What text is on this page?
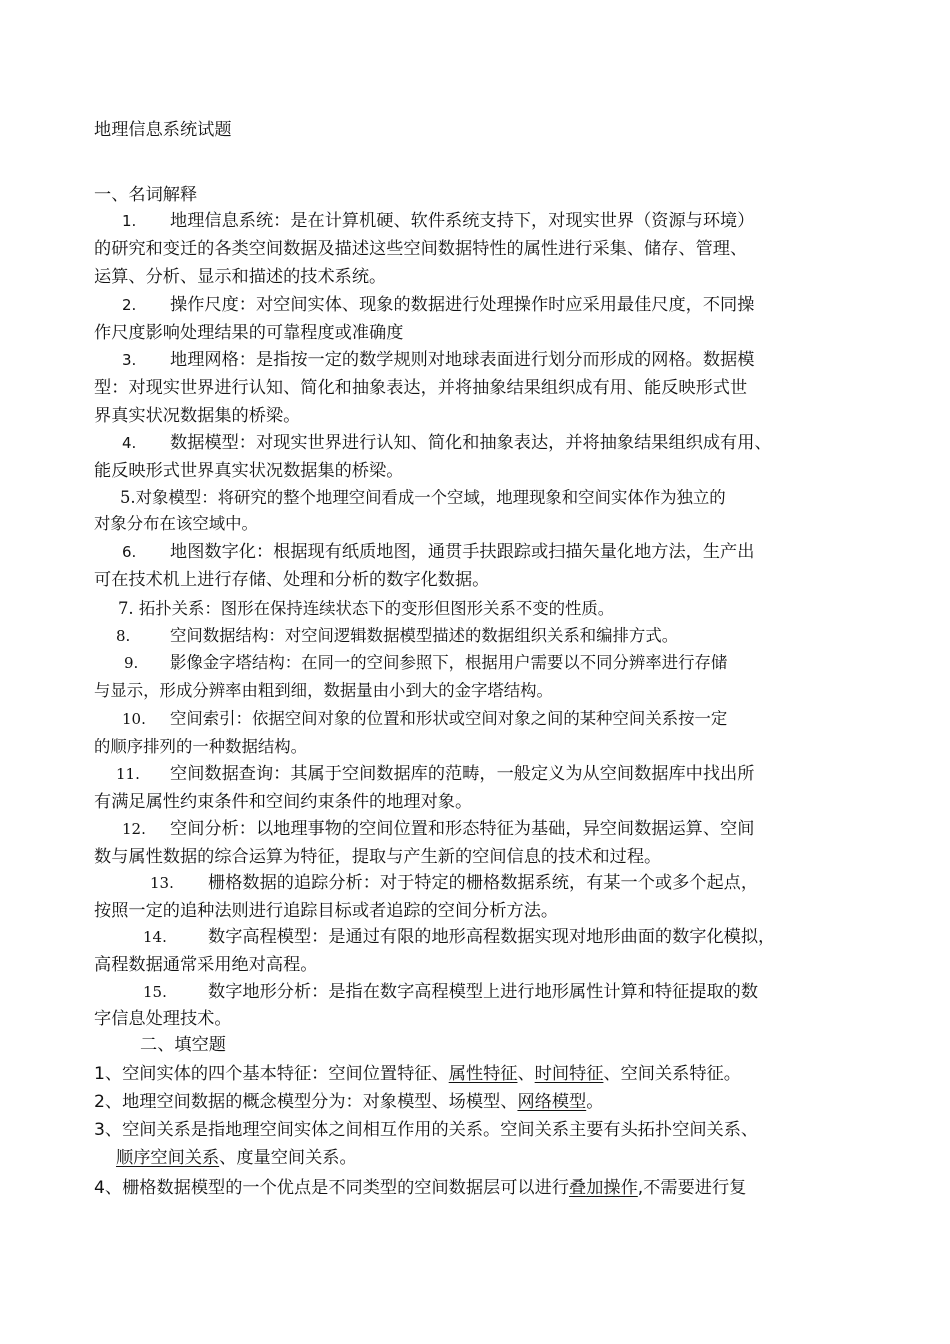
地理信息系统试题
一、名词解释
1. 地理信息系统：是在计算机硬、软件系统支持下，对现实世界（资源与环境）
的研究和变迁的各类空间数据及描述这些空间数据特性的属性进行采集、储存、管理、
运算、分析、显示和描述的技术系统。
2. 操作尺度：对空间实体、现象的数据进行处理操作时应采用最佳尺度，不同操
作尺度影响处理结果的可靠程度或准确度
3. 地理网格：是指按一定的数学规则对地球表面进行划分而形成的网格。数据模
型：对现实世界进行认知、简化和抽象表达，并将抽象结果组织成有用、能反映形式世
界真实状况数据集的桥梁。
4. 数据模型：对现实世界进行认知、简化和抽象表达，并将抽象结果组织成有用、
能反映形式世界真实状况数据集的桥梁。
5.对象模型：将研究的整个地理空间看成一个空域，地理现象和空间实体作为独立的
对象分布在该空域中。
6. 地图数字化：根据现有纸质地图，通贯手扶跟踪或扫描矢量化地方法，生产出
可在技术机上进行存储、处理和分析的数字化数据。
7. 拓扑关系：图形在保持连续状态下的变形但图形关系不变的性质。
8. 空间数据结构：对空间逻辑数据模型描述的数据组织关系和编排方式。
9. 影像金字塔结构：在同一的空间参照下，根据用户需要以不同分辨率进行存储
与显示，形成分辨率由粗到细，数据量由小到大的金字塔结构。
10. 空间索引：依据空间对象的位置和形状或空间对象之间的某种空间关系按一定
的顺序排列的一种数据结构。
11. 空间数据查询：其属于空间数据库的范畴，一般定义为从空间数据库中找出所
有满足属性约束条件和空间约束条件的地理对象。
12. 空间分析：以地理事物的空间位置和形态特征为基础，异空间数据运算、空间
数与属性数据的综合运算为特征，提取与产生新的空间信息的技术和过程。
13. 栅格数据的追踪分析：对于特定的栅格数据系统，有某一个或多个起点，
按照一定的追种法则进行追踪目标或者追踪的空间分析方法。
14. 数字高程模型：是通过有限的地形高程数据实现对地形曲面的数字化模拟，
高程数据通常采用绝对高程。
15. 数字地形分析：是指在数字高程模型上进行地形属性计算和特征提取的数
字信息处理技术。
二、填空题
1、空间实体的四个基本特征：空间位置特征、属性特征、时间特征、空间关系特征。
2、地理空间数据的概念模型分为：对象模型、场模型、网络模型。
3、空间关系是指地理空间实体之间相互作用的关系。空间关系主要有头拓扑空间关系、
顺序空间关系、度量空间关系。
4、栅格数据模型的一个优点是不同类型的空间数据层可以进行叠加操作,不需要进行复
